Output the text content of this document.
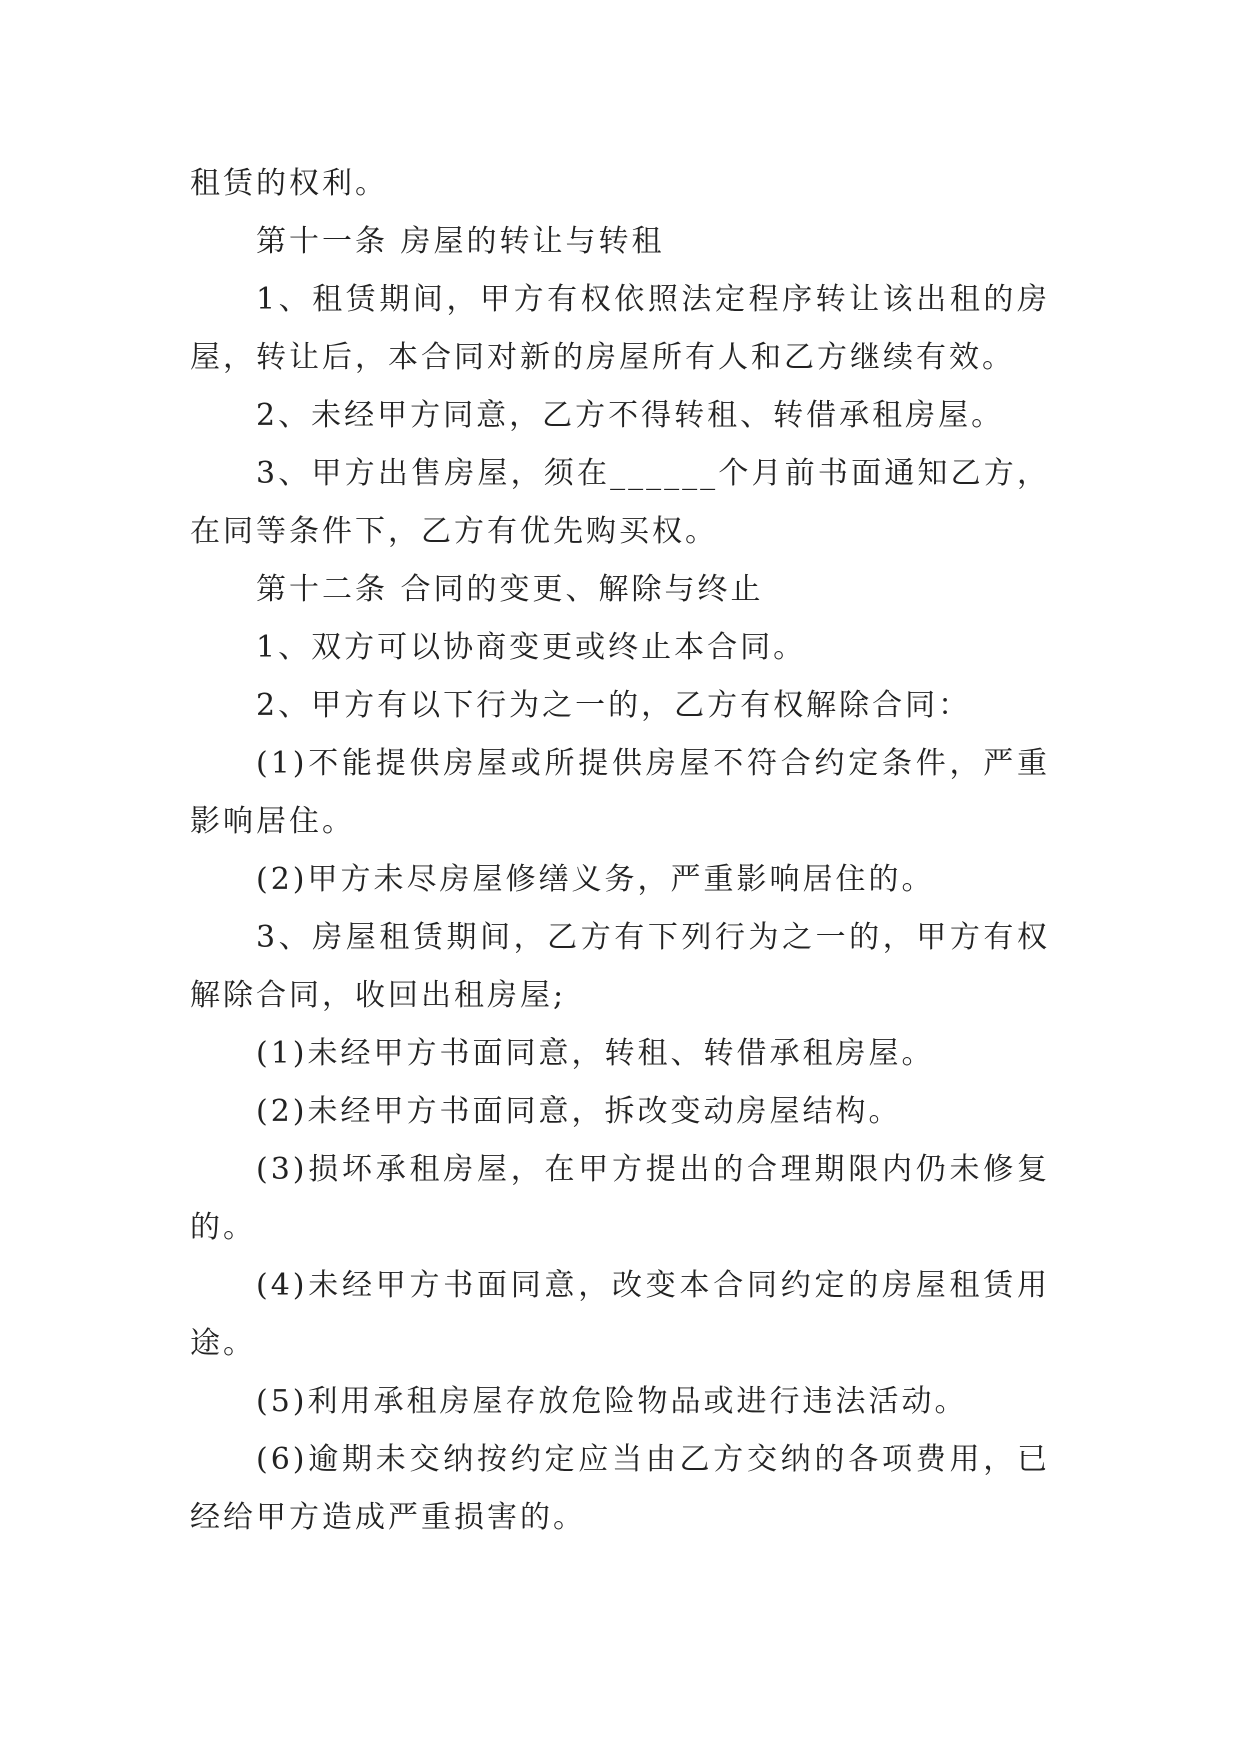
租赁的权利。

第十一条 房屋的转让与转租

1、租赁期间，甲方有权依照法定程序转让该出租的房屋，转让后，本合同对新的房屋所有人和乙方继续有效。

2、未经甲方同意，乙方不得转租、转借承租房屋。

3、甲方出售房屋，须在______个月前书面通知乙方，在同等条件下，乙方有优先购买权。

第十二条 合同的变更、解除与终止

1、双方可以协商变更或终止本合同。

2、甲方有以下行为之一的，乙方有权解除合同：

(1)不能提供房屋或所提供房屋不符合约定条件，严重影响居住。

(2)甲方未尽房屋修缮义务，严重影响居住的。

3、房屋租赁期间，乙方有下列行为之一的，甲方有权解除合同，收回出租房屋;

(1)未经甲方书面同意，转租、转借承租房屋。

(2)未经甲方书面同意，拆改变动房屋结构。

(3)损坏承租房屋，在甲方提出的合理期限内仍未修复的。

(4)未经甲方书面同意，改变本合同约定的房屋租赁用途。

(5)利用承租房屋存放危险物品或进行违法活动。

(6)逾期未交纳按约定应当由乙方交纳的各项费用，已经给甲方造成严重损害的。
